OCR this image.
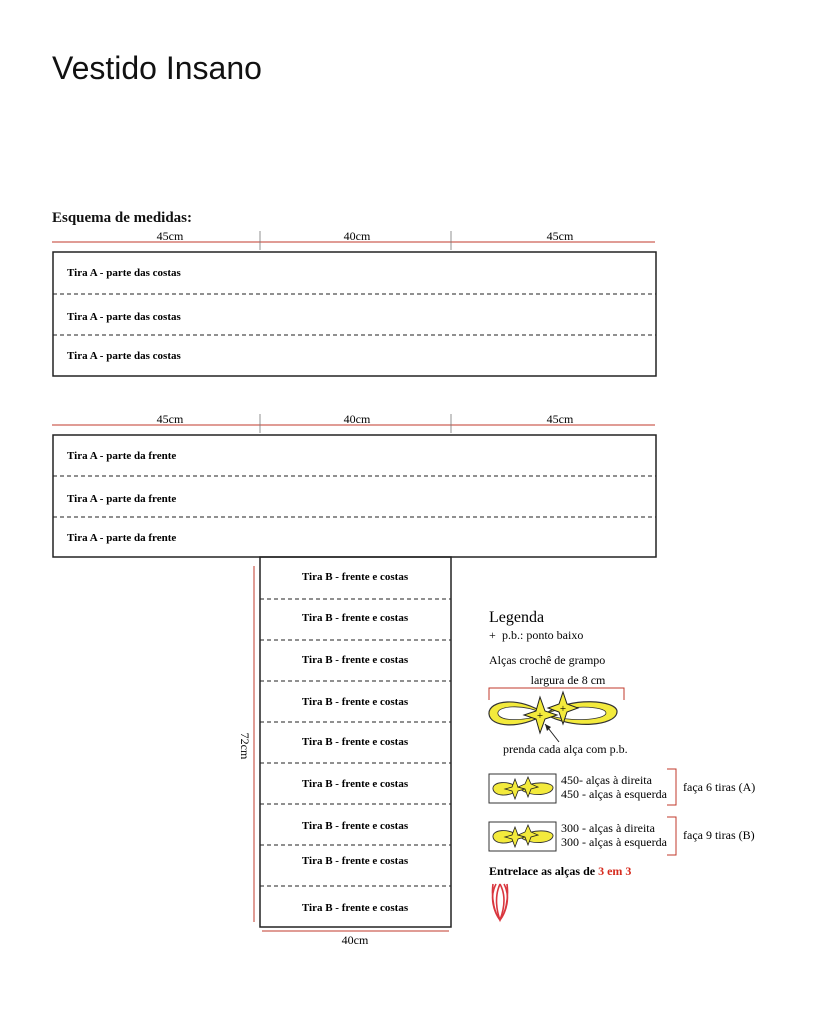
Vestido Insano
Esquema de medidas:
45cm	40cm	45cm
Tira A - parte das costas
Tira A - parte das costas
Tira A - parte das costas
45cm	40cm	45cm
Tira A - parte da frente
Tira A - parte da frente
Tira A - parte da frente
Tira B - frente e costas
Tira B - frente e costas
Tira B - frente e costas
Tira B - frente e costas
Tira B - frente e costas
Tira B - frente e costas
Tira B - frente e costas
Tira B - frente e costas
Tira B - frente e costas
72cm
40cm
Legenda
+ p.b.: ponto baixo
Alças crochê de grampo
largura de 8 cm
+
+
prenda cada alça com p.b.
450- alças à direita
450 - alças à esquerda faça 6 tiras (A)
300 - alças à direita
300 - alças à esquerda faça 9 tiras (B)
Entrelace as alças de 3 em 3
